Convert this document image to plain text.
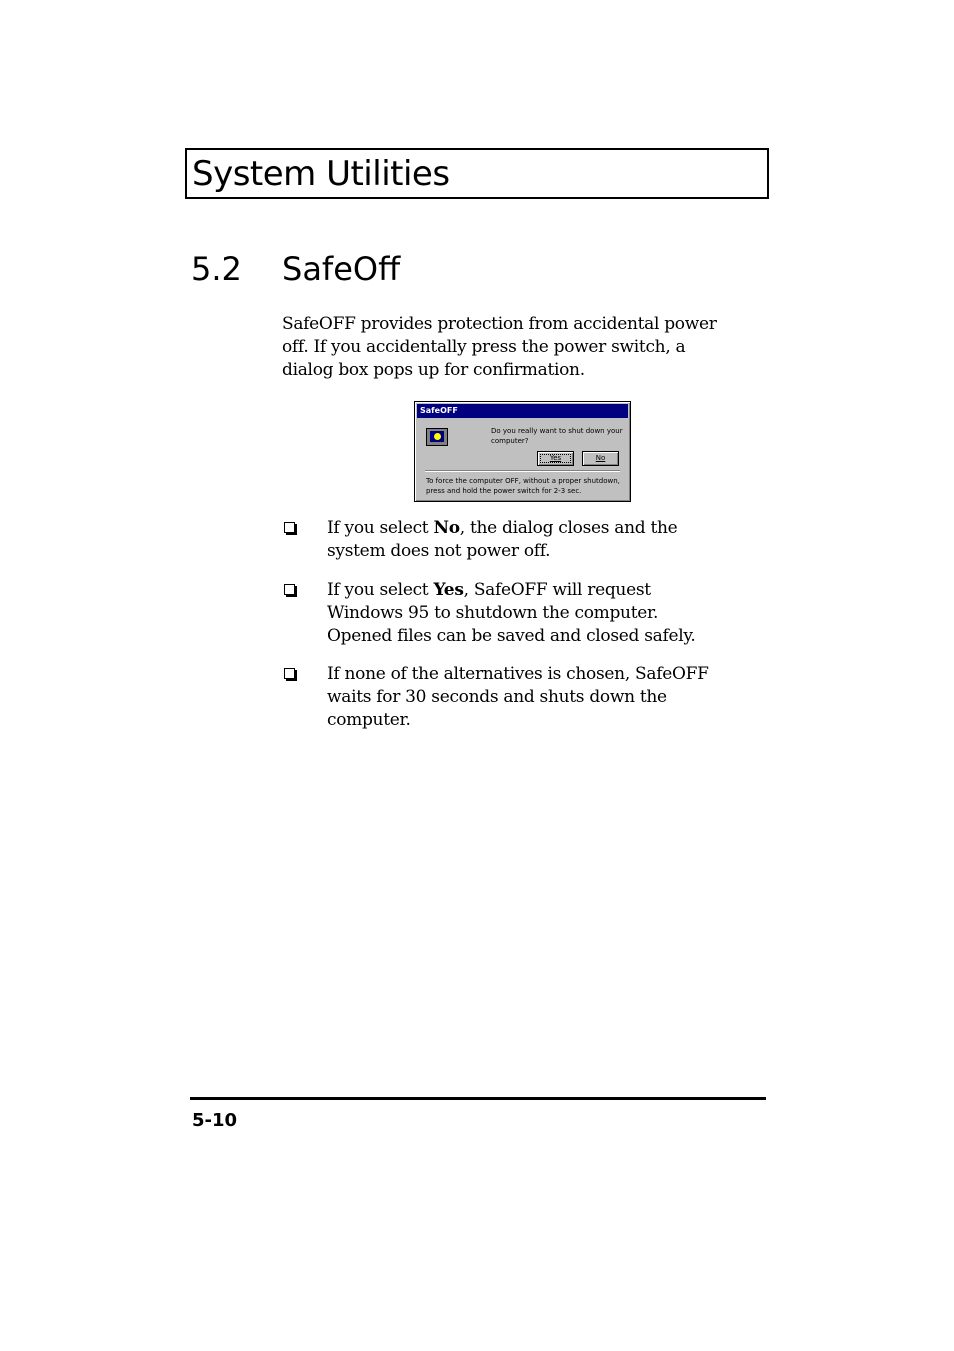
System Utilities
5.2 SafeOff
SafeOFF provides protection from accidental power
off. If you accidentally press the power switch, a
dialog box pops up for confirmation.
SafeOFF
Do you really want to shut down your
computer?
Yes	No
To force the computer OFF, without a proper shutdown,
press and hold the power switch for 2-3 sec.
If you select No, the dialog closes and the
system does not power off.
If you select Yes, SafeOFF will request
Windows 95 to shutdown the computer.
Opened files can be saved and closed safely.
If none of the alternatives is chosen, SafeOFF
waits for 30 seconds and shuts down the
computer.
5-10
